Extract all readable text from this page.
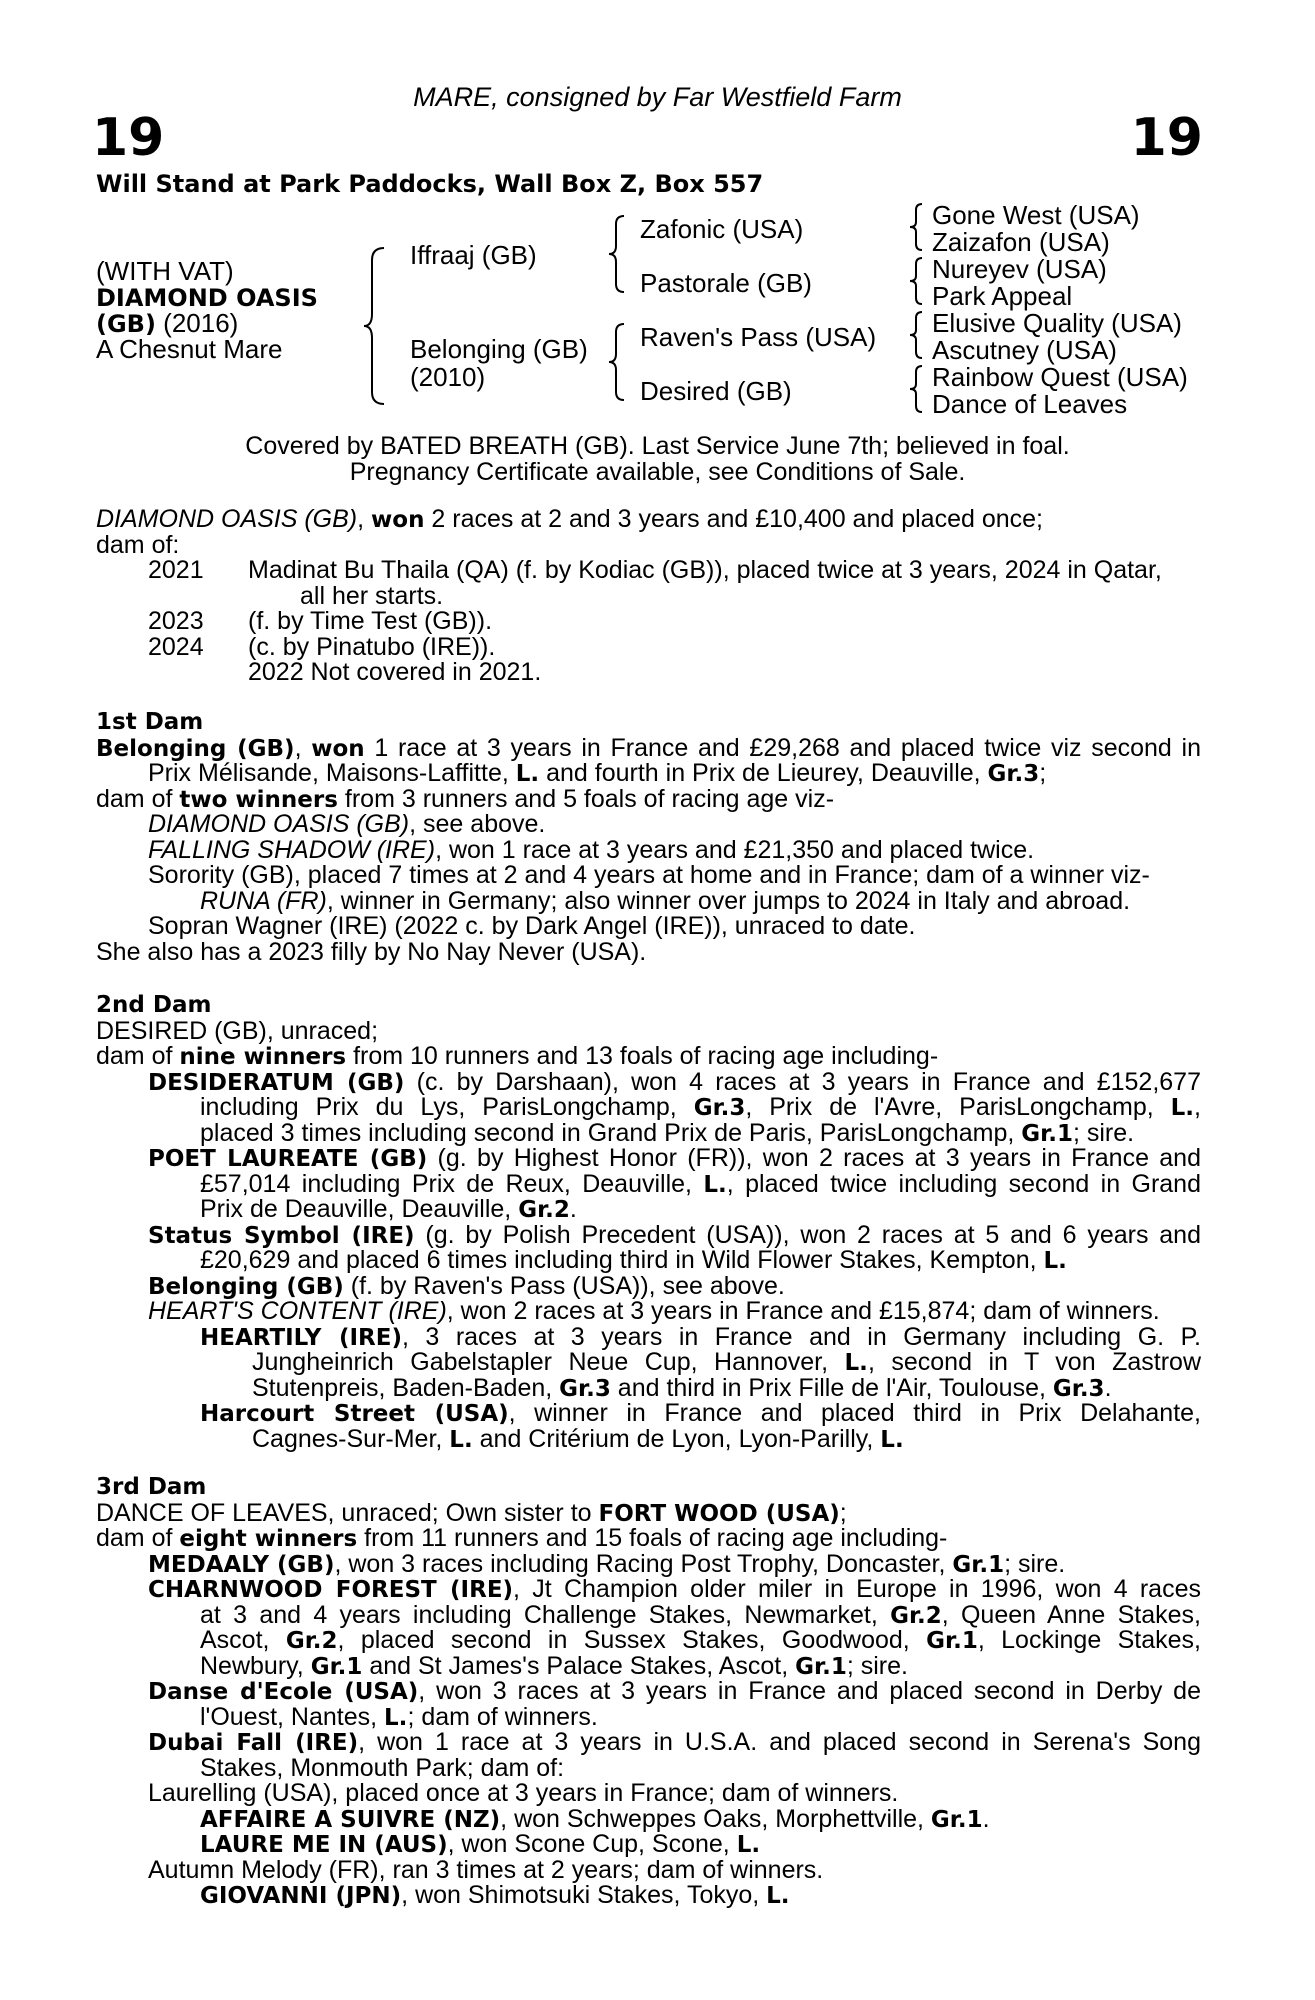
MARE, consigned by Far Westfield Farm
19	19
Will Stand at Park Paddocks, Wall Box Z, Box 557
(WITH VAT)
DIAMOND OASIS
(GB) (2016)
A Chesnut Mare
Iffraaj (GB)
Belonging (GB)
(2010)
Zafonic (USA)
Pastorale (GB)
Raven's Pass (USA)
Desired (GB)
Gone West (USA)
Zaizafon (USA)
Nureyev (USA)
Park Appeal
Elusive Quality (USA)
Ascutney (USA)
Rainbow Quest (USA)
Dance of Leaves
Covered by BATED BREATH (GB). Last Service June 7th; believed in foal.
Pregnancy Certificate available, see Conditions of Sale.
DIAMOND OASIS (GB), won 2 races at 2 and 3 years and £10,400 and placed once;
dam of:
2021 Madinat Bu Thaila (QA) (f. by Kodiac (GB)), placed twice at 3 years, 2024 in Qatar,
all her starts.
2023 (f. by Time Test (GB)).
2024 (c. by Pinatubo (IRE)).
2022 Not covered in 2021.
1st Dam
Belonging (GB), won 1 race at 3 years in France and £29,268 and placed twice viz second in
Prix Mélisande, Maisons-Laffitte, L. and fourth in Prix de Lieurey, Deauville, Gr.3;
dam of two winners from 3 runners and 5 foals of racing age viz-
DIAMOND OASIS (GB), see above.
FALLING SHADOW (IRE), won 1 race at 3 years and £21,350 and placed twice.
Sorority (GB), placed 7 times at 2 and 4 years at home and in France; dam of a winner viz-
RUNA (FR), winner in Germany; also winner over jumps to 2024 in Italy and abroad.
Sopran Wagner (IRE) (2022 c. by Dark Angel (IRE)), unraced to date.
She also has a 2023 filly by No Nay Never (USA).
2nd Dam
DESIRED (GB), unraced;
dam of nine winners from 10 runners and 13 foals of racing age including-
DESIDERATUM (GB) (c. by Darshaan), won 4 races at 3 years in France and £152,677
including Prix du Lys, ParisLongchamp, Gr.3, Prix de l'Avre, ParisLongchamp, L.,
placed 3 times including second in Grand Prix de Paris, ParisLongchamp, Gr.1; sire.
POET LAUREATE (GB) (g. by Highest Honor (FR)), won 2 races at 3 years in France and
£57,014 including Prix de Reux, Deauville, L., placed twice including second in Grand
Prix de Deauville, Deauville, Gr.2.
Status Symbol (IRE) (g. by Polish Precedent (USA)), won 2 races at 5 and 6 years and
£20,629 and placed 6 times including third in Wild Flower Stakes, Kempton, L.
Belonging (GB) (f. by Raven's Pass (USA)), see above.
HEART'S CONTENT (IRE), won 2 races at 3 years in France and £15,874; dam of winners.
HEARTILY (IRE), 3 races at 3 years in France and in Germany including G. P.
Jungheinrich Gabelstapler Neue Cup, Hannover, L., second in T von Zastrow
Stutenpreis, Baden-Baden, Gr.3 and third in Prix Fille de l'Air, Toulouse, Gr.3.
Harcourt Street (USA), winner in France and placed third in Prix Delahante,
Cagnes-Sur-Mer, L. and Critérium de Lyon, Lyon-Parilly, L.
3rd Dam
DANCE OF LEAVES, unraced; Own sister to FORT WOOD (USA);
dam of eight winners from 11 runners and 15 foals of racing age including-
MEDAALY (GB), won 3 races including Racing Post Trophy, Doncaster, Gr.1; sire.
CHARNWOOD FOREST (IRE), Jt Champion older miler in Europe in 1996, won 4 races
at 3 and 4 years including Challenge Stakes, Newmarket, Gr.2, Queen Anne Stakes,
Ascot, Gr.2, placed second in Sussex Stakes, Goodwood, Gr.1, Lockinge Stakes,
Newbury, Gr.1 and St James's Palace Stakes, Ascot, Gr.1; sire.
Danse d'Ecole (USA), won 3 races at 3 years in France and placed second in Derby de
l'Ouest, Nantes, L.; dam of winners.
Dubai Fall (IRE), won 1 race at 3 years in U.S.A. and placed second in Serena's Song
Stakes, Monmouth Park; dam of:
Laurelling (USA), placed once at 3 years in France; dam of winners.
AFFAIRE A SUIVRE (NZ), won Schweppes Oaks, Morphettville, Gr.1.
LAURE ME IN (AUS), won Scone Cup, Scone, L.
Autumn Melody (FR), ran 3 times at 2 years; dam of winners.
GIOVANNI (JPN), won Shimotsuki Stakes, Tokyo, L.
